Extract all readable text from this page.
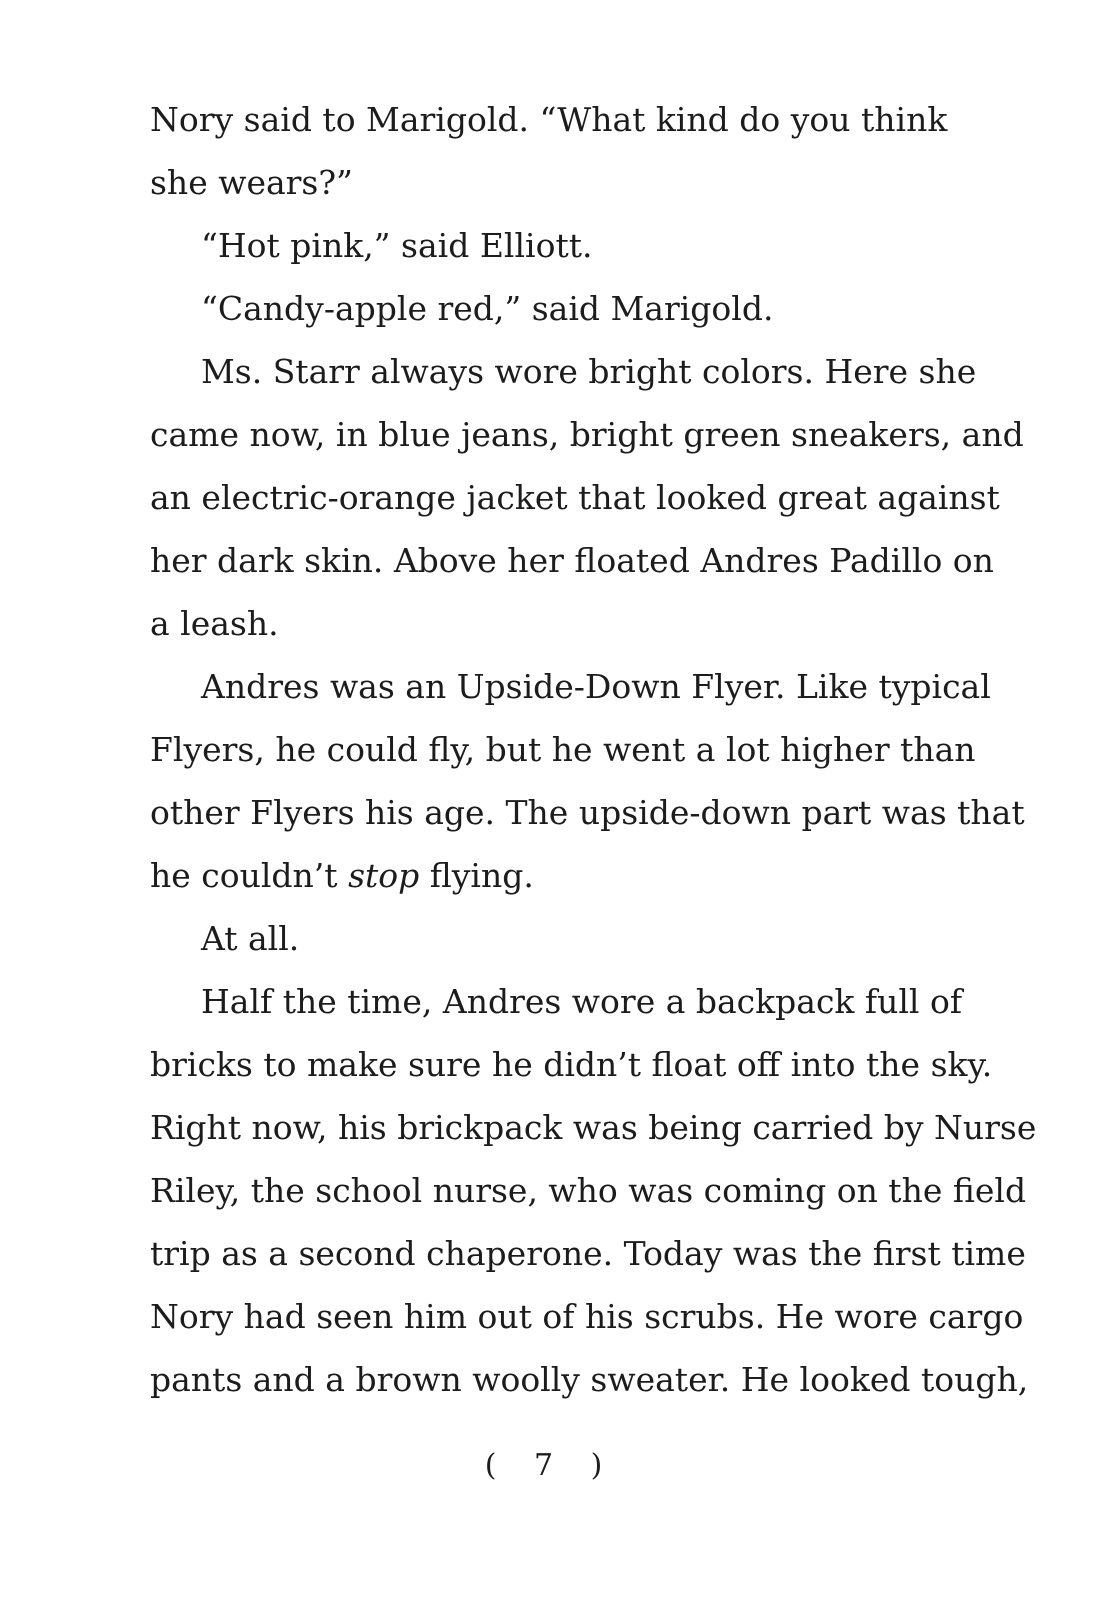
Nory said to Marigold. “What kind do you think
she wears?”
“Hot pink,” said Elliott.
“Candy-apple red,” said Marigold.
Ms. Starr always wore bright colors. Here she
came now, in blue jeans, bright green sneakers, and
an electric-orange jacket that looked great against
her dark skin. Above her floated Andres Padillo on
a leash.
Andres was an Upside-Down Flyer. Like typical
Flyers, he could fly, but he went a lot higher than
other Flyers his age. The upside-down part was that
he couldn’t stop flying.
At all.
Half the time, Andres wore a backpack full of
bricks to make sure he didn’t float off into the sky.
Right now, his brickpack was being carried by Nurse
Riley, the school nurse, who was coming on the field
trip as a second chaperone. Today was the first time
Nory had seen him out of his scrubs. He wore cargo
pants and a brown woolly sweater. He looked tough,
( 7 )
